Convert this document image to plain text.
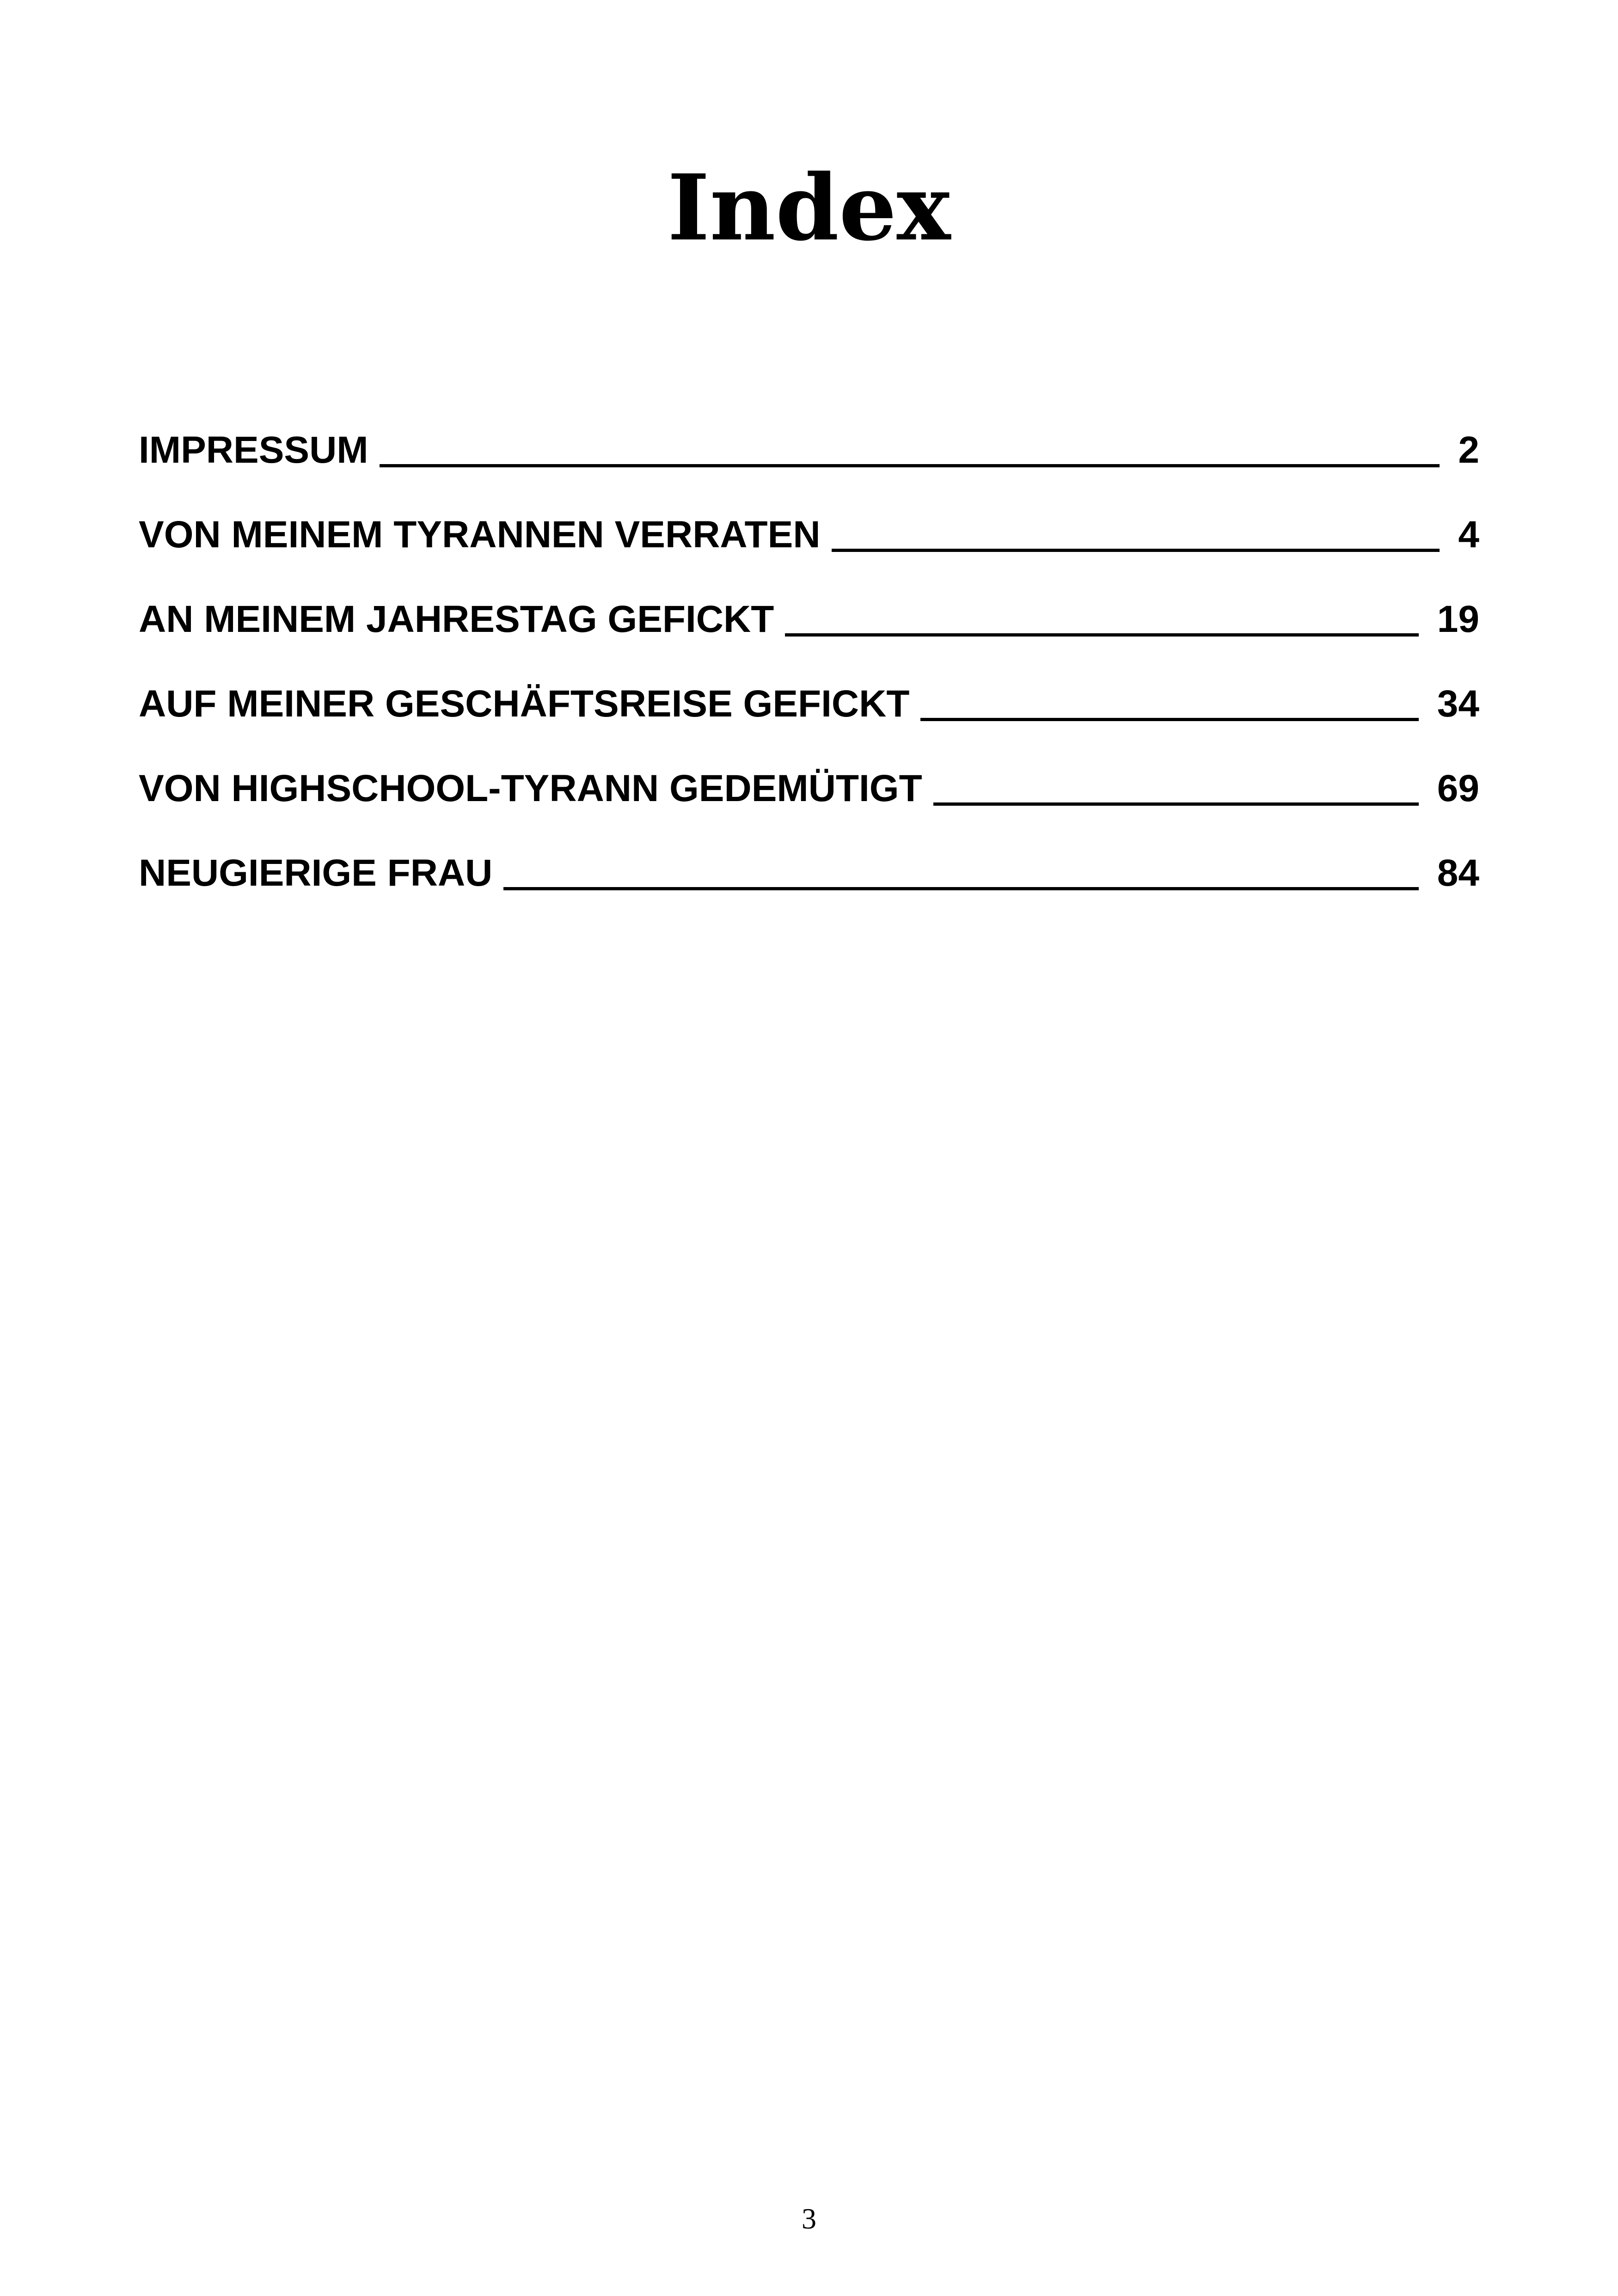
Index
IMPRESSUM	2
VON MEINEM TYRANNEN VERRATEN	4
AN MEINEM JAHRESTAG GEFICKT	19
AUF MEINER GESCHÄFTSREISE GEFICKT	34
VON HIGHSCHOOL-TYRANN GEDEMÜTIGT	69
NEUGIERIGE FRAU	84
3
